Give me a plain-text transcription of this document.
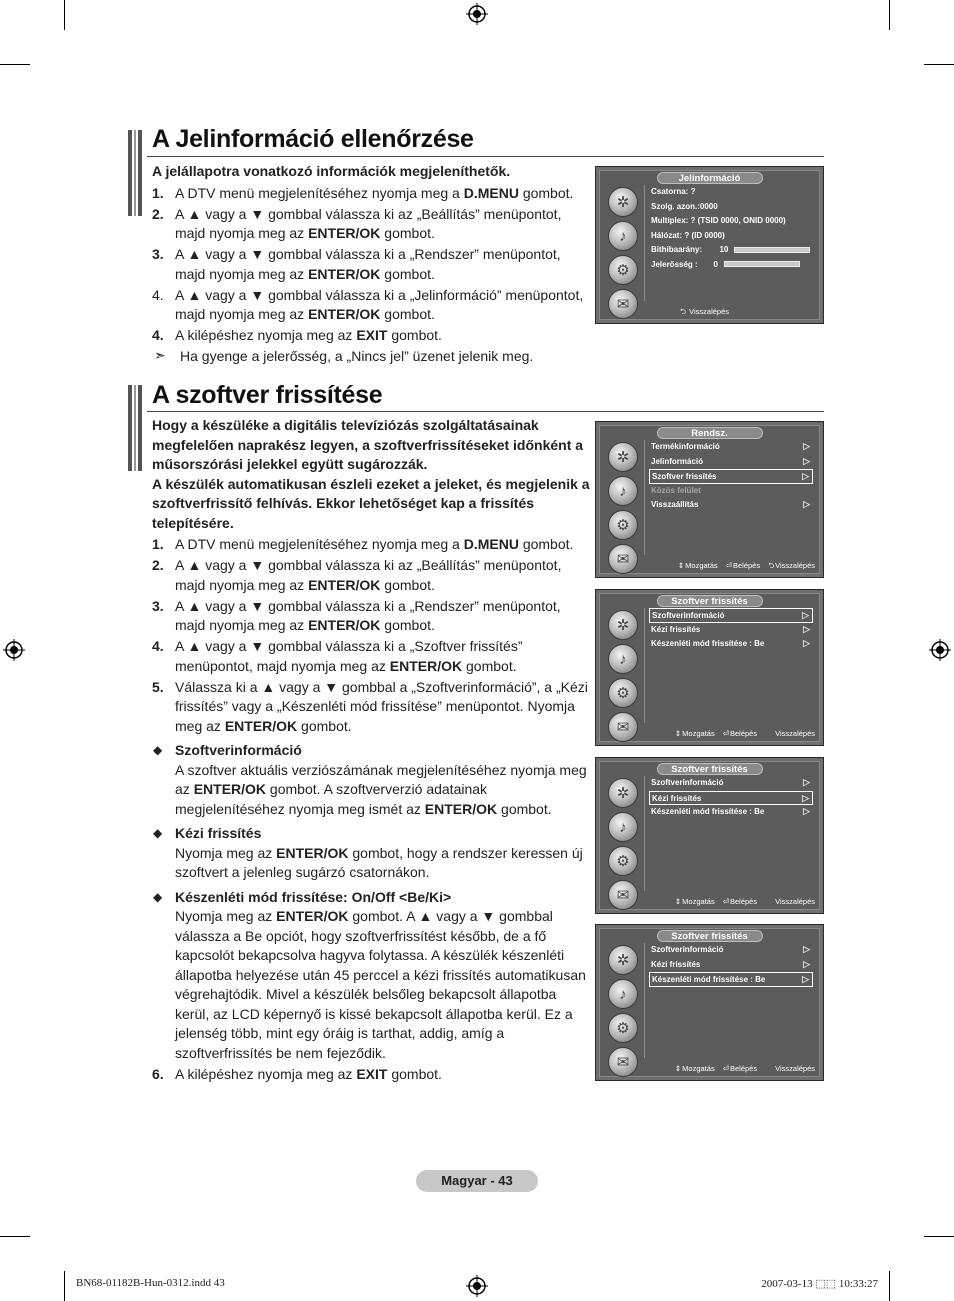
A Jelinformáció ellenőrzése
A jelállapotra vonatkozó információk megjeleníthetők.
1. A DTV menü megjelenítéséhez nyomja meg a D.MENU gombot.
2. A ▲ vagy a ▼ gombbal válassza ki az „Beállítás” menüpontot, majd nyomja meg az ENTER/OK gombot.
3. A ▲ vagy a ▼ gombbal válassza ki a „Rendszer” menüpontot, majd nyomja meg az ENTER/OK gombot.
4. A ▲ vagy a ▼ gombbal válassza ki a „Jelinformáció” menüpontot, majd nyomja meg az ENTER/OK gombot.
4. A kilépéshez nyomja meg az EXIT gombot.
➣ Ha gyenge a jelerősség, a „Nincs jel” üzenet jelenik meg.
Jelinformáció
✲
♪
⚙
✉
Csatorna: ?
Szolg. azon.:0000
Multiplex: ? (TSID 0000, ONID 0000)
Hálózat: ? (ID 0000)
Bithibaarány: 10
Jelerősség : 0
⮌ Visszalépés
A szoftver frissítése
Hogy a készüléke a digitális televíziózás szolgáltatásainak megfelelően naprakész legyen, a szoftverfrissítéseket időnként a műsorszórási jelekkel együtt sugározzák.
A készülék automatikusan észleli ezeket a jeleket, és megjelenik a szoftverfrissítő felhívás. Ekkor lehetőséget kap a frissítés telepítésére.
1. A DTV menü megjelenítéséhez nyomja meg a D.MENU gombot.
2. A ▲ vagy a ▼ gombbal válassza ki az „Beállítás” menüpontot, majd nyomja meg az ENTER/OK gombot.
3. A ▲ vagy a ▼ gombbal válassza ki a „Rendszer” menüpontot, majd nyomja meg az ENTER/OK gombot.
4. A ▲ vagy a ▼ gombbal válassza ki a „Szoftver frissítés” menüpontot, majd nyomja meg az ENTER/OK gombot.
5. Válassza ki a ▲ vagy a ▼ gombbal a „Szoftverinformáció”, a „Kézi frissítés” vagy a „Készenléti mód frissítése” menüpontot. Nyomja meg az ENTER/OK gombot.
◆ Szoftverinformáció
A szoftver aktuális verziószámának megjelenítéséhez nyomja meg az ENTER/OK gombot. A szoftververzió adatainak megjelenítéséhez nyomja meg ismét az ENTER/OK gombot.
◆ Kézi frissítés
Nyomja meg az ENTER/OK gombot, hogy a rendszer keressen új szoftvert a jelenleg sugárzó csatornákon.
◆ Készenléti mód frissítése: On/Off <Be/Ki>
Nyomja meg az ENTER/OK gombot. A ▲ vagy a ▼ gombbal válassza a Be opciót, hogy szoftverfrissítést később, de a fő kapcsolót bekapcsolva hagyva folytassa. A készülék készenléti állapotba helyezése után 45 perccel a kézi frissítés automatikusan végrehajtódik. Mivel a készülék belsőleg bekapcsolt állapotba kerül, az LCD képernyő is kissé bekapcsolt állapotba kerül. Ez a jelenség több, mint egy óráig is tarthat, addig, amíg a szoftverfrissítés be nem fejeződik.
6. A kilépéshez nyomja meg az EXIT gombot.
Rendsz.
✲
♪
⚙
✉
Termékinformáció	▷
Jelinformáció	▷
Szoftver frissítés	▷
Közös felület
Visszaállítás	▷
⇕Mozgatás ⏎Belépés ⮌Visszalépés
Szoftver frissítés
✲
♪
⚙
✉
Szoftverinformáció	▷
Kézi frissítés	▷
Készenléti mód frissítése : Be	▷
⇕Mozgatás ⏎Belépés Visszalépés
Szoftver frissítés
✲
♪
⚙
✉
Szoftverinformáció	▷
Kézi frissítés	▷
Készenléti mód frissítése : Be	▷
⇕Mozgatás ⏎Belépés Visszalépés
Szoftver frissítés
✲
♪
⚙
✉
Szoftverinformáció	▷
Kézi frissítés	▷
Készenléti mód frissítése : Be	▷
⇕Mozgatás ⏎Belépés Visszalépés
Magyar - 43
BN68-01182B-Hun-0312.indd 43	2007-03-13 ⬚⬚ 10:33:27
